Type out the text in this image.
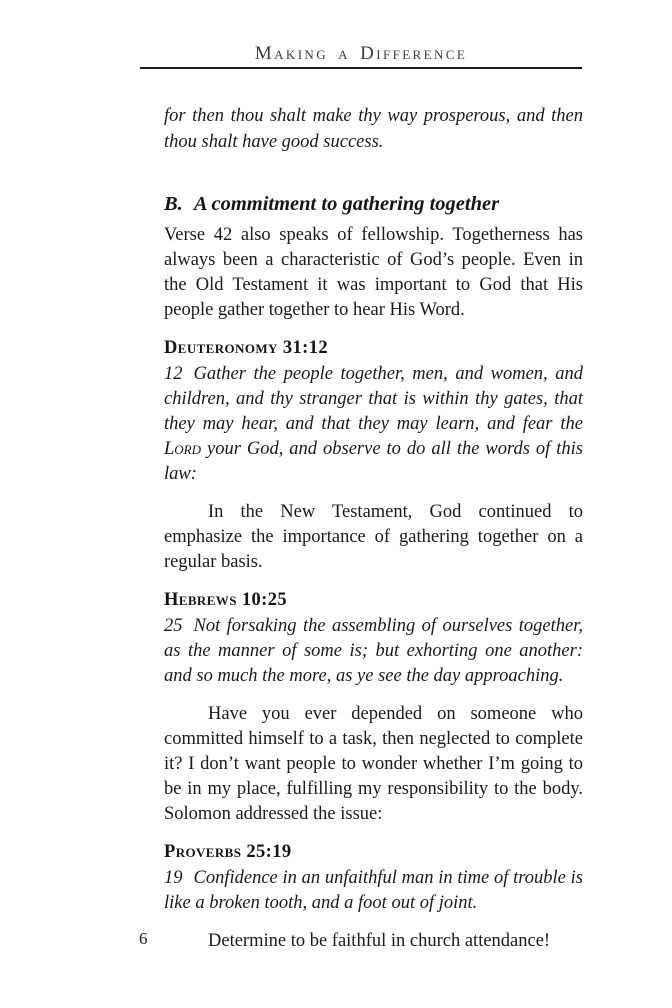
Making a Difference

for then thou shalt make thy way prosperous, and then thou shalt have good success.

B. A commitment to gathering together

Verse 42 also speaks of fellowship. Togetherness has always been a characteristic of God’s people. Even in the Old Testament it was important to God that His people gather together to hear His Word.

Deuteronomy 31:12

12 Gather the people together, men, and women, and children, and thy stranger that is within thy gates, that they may hear, and that they may learn, and fear the Lord your God, and observe to do all the words of this law:

In the New Testament, God continued to emphasize the importance of gathering together on a regular basis.

Hebrews 10:25

25 Not forsaking the assembling of ourselves together, as the manner of some is; but exhorting one another: and so much the more, as ye see the day approaching.

Have you ever depended on someone who committed himself to a task, then neglected to complete it? I don’t want people to wonder whether I’m going to be in my place, fulfilling my responsibility to the body. Solomon addressed the issue:

Proverbs 25:19

19 Confidence in an unfaithful man in time of trouble is like a broken tooth, and a foot out of joint.

Determine to be faithful in church attendance!

6
